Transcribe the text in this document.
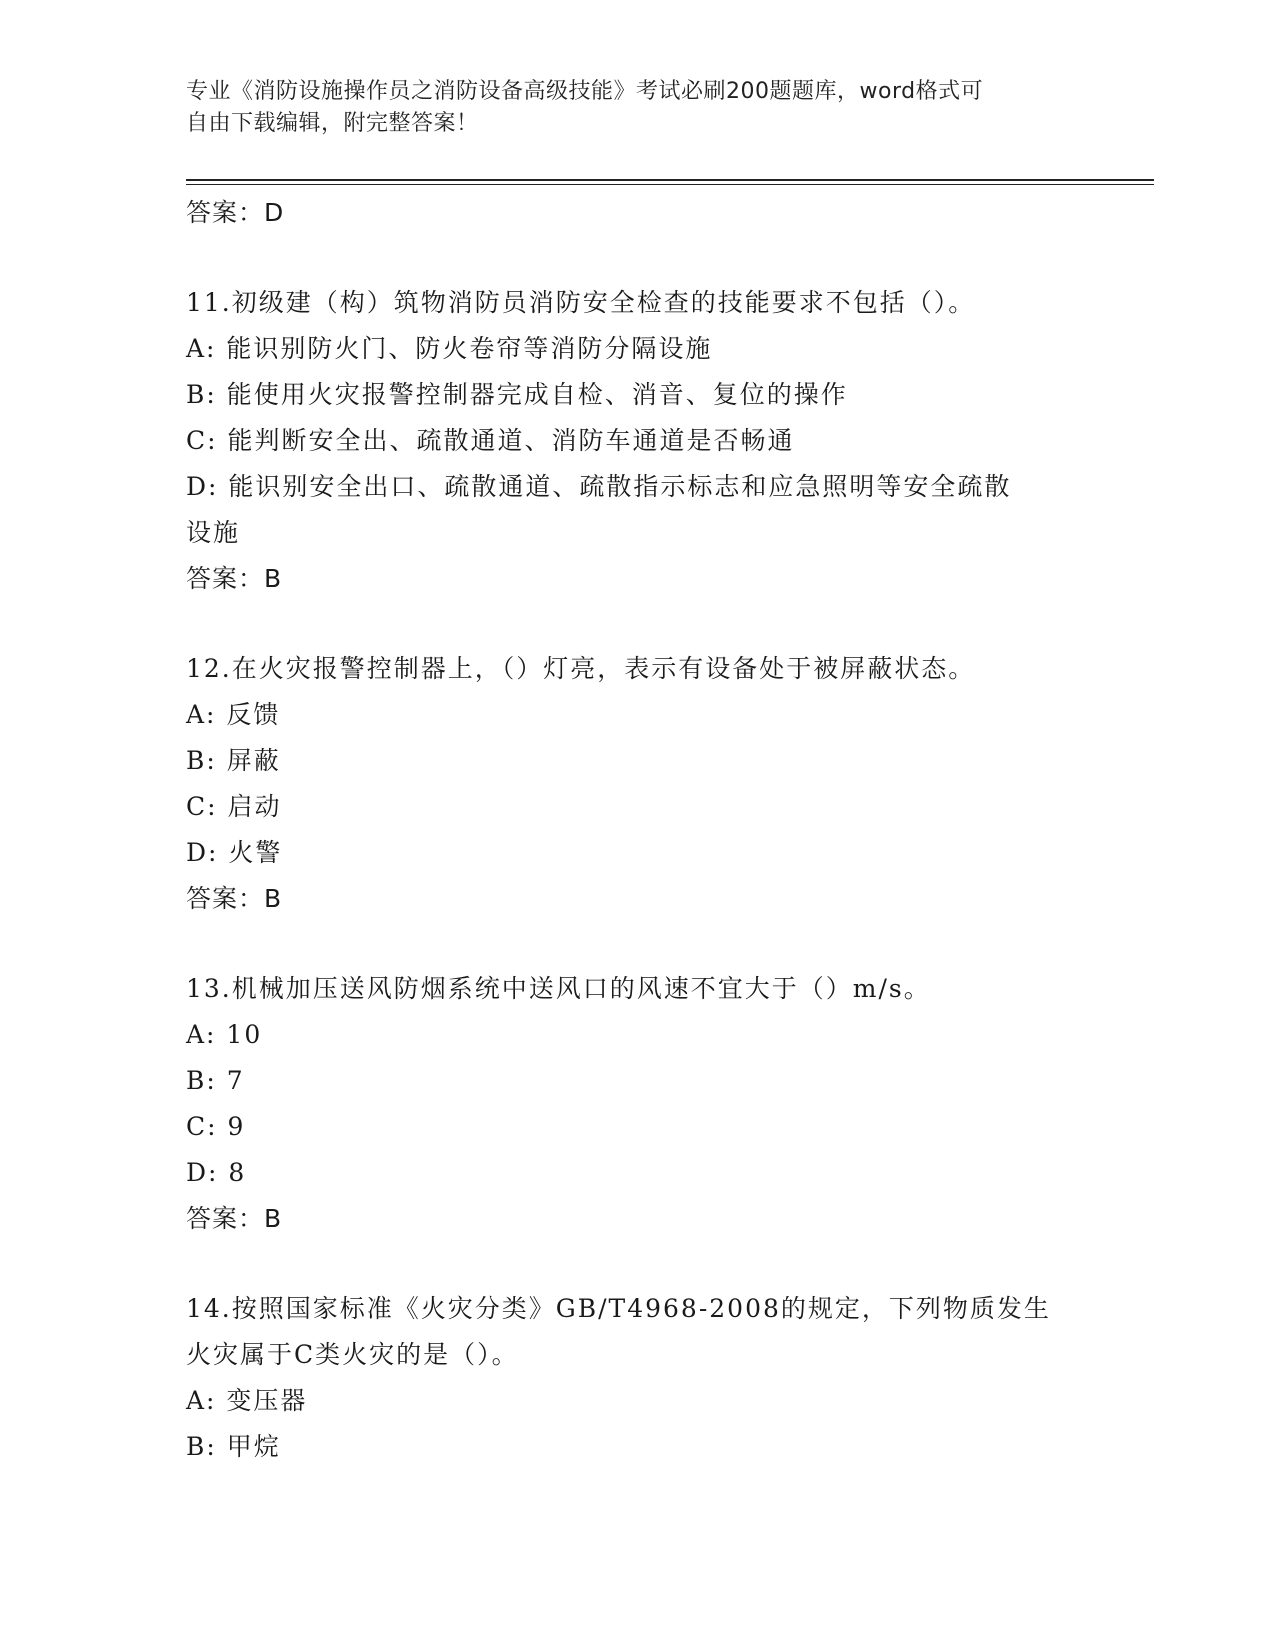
专业《消防设施操作员之消防设备高级技能》考试必刷200题题库，word格式可
自由下载编辑，附完整答案！
答案：D
11.初级建（构）筑物消防员消防安全检查的技能要求不包括（）。
A: 能识别防火门、防火卷帘等消防分隔设施
B: 能使用火灾报警控制器完成自检、消音、复位的操作
C: 能判断安全出、疏散通道、消防车通道是否畅通
D: 能识别安全出口、疏散通道、疏散指示标志和应急照明等安全疏散
设施
答案：B
12.在火灾报警控制器上，（）灯亮，表示有设备处于被屏蔽状态。
A: 反馈
B: 屏蔽
C: 启动
D: 火警
答案：B
13.机械加压送风防烟系统中送风口的风速不宜大于（）m/s。
A: 10
B: 7
C: 9
D: 8
答案：B
14.按照国家标准《火灾分类》GB/T4968-2008的规定，下列物质发生
火灾属于C类火灾的是（）。
A: 变压器
B: 甲烷
